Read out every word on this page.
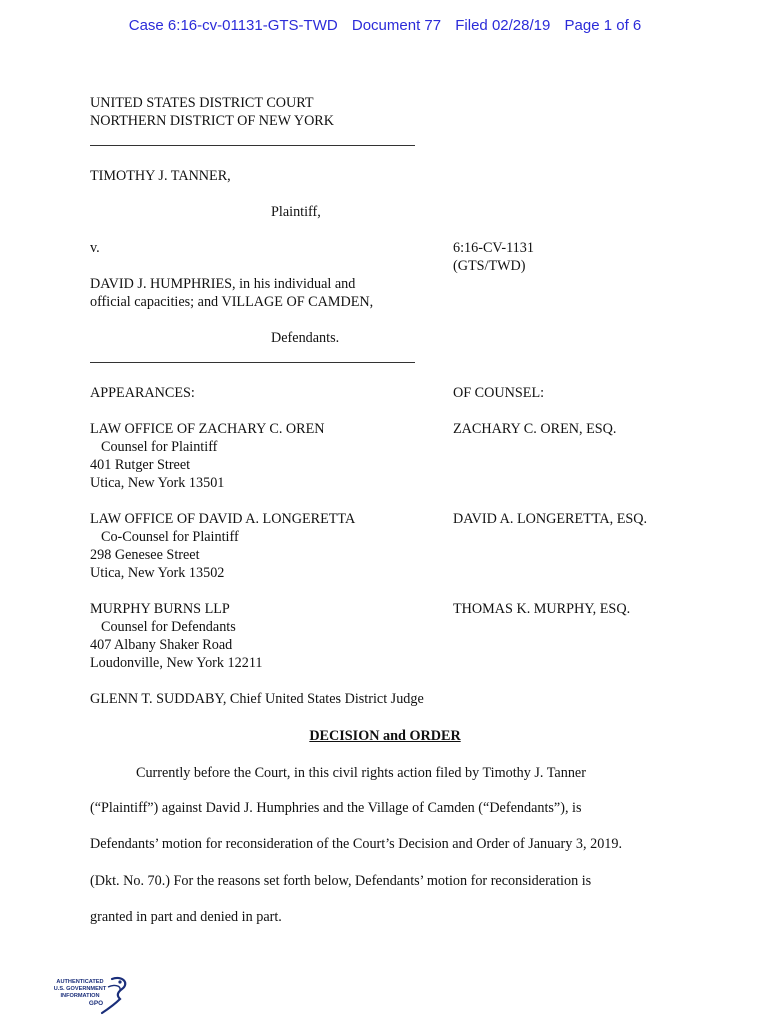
Case 6:16-cv-01131-GTS-TWD Document 77 Filed 02/28/19 Page 1 of 6
UNITED STATES DISTRICT COURT
NORTHERN DISTRICT OF NEW YORK
TIMOTHY J. TANNER,
Plaintiff,
v.	6:16-CV-1131
(GTS/TWD)
DAVID J. HUMPHRIES, in his individual and
official capacities; and VILLAGE OF CAMDEN,
Defendants.
APPEARANCES:	OF COUNSEL:
LAW OFFICE OF ZACHARY C. OREN
Counsel for Plaintiff
401 Rutger Street
Utica, New York 13501
ZACHARY C. OREN, ESQ.
LAW OFFICE OF DAVID A. LONGERETTA
Co-Counsel for Plaintiff
298 Genesee Street
Utica, New York 13502
DAVID A. LONGERETTA, ESQ.
MURPHY BURNS LLP
Counsel for Defendants
407 Albany Shaker Road
Loudonville, New York 12211
THOMAS K. MURPHY, ESQ.
GLENN T. SUDDABY, Chief United States District Judge
DECISION and ORDER
Currently before the Court, in this civil rights action filed by Timothy J. Tanner
(“Plaintiff”) against David J. Humphries and the Village of Camden (“Defendants”), is
Defendants’ motion for reconsideration of the Court’s Decision and Order of January 3, 2019.
(Dkt. No. 70.) For the reasons set forth below, Defendants’ motion for reconsideration is
granted in part and denied in part.
AUTHENTICATED
U.S. GOVERNMENT
INFORMATION
GPO
